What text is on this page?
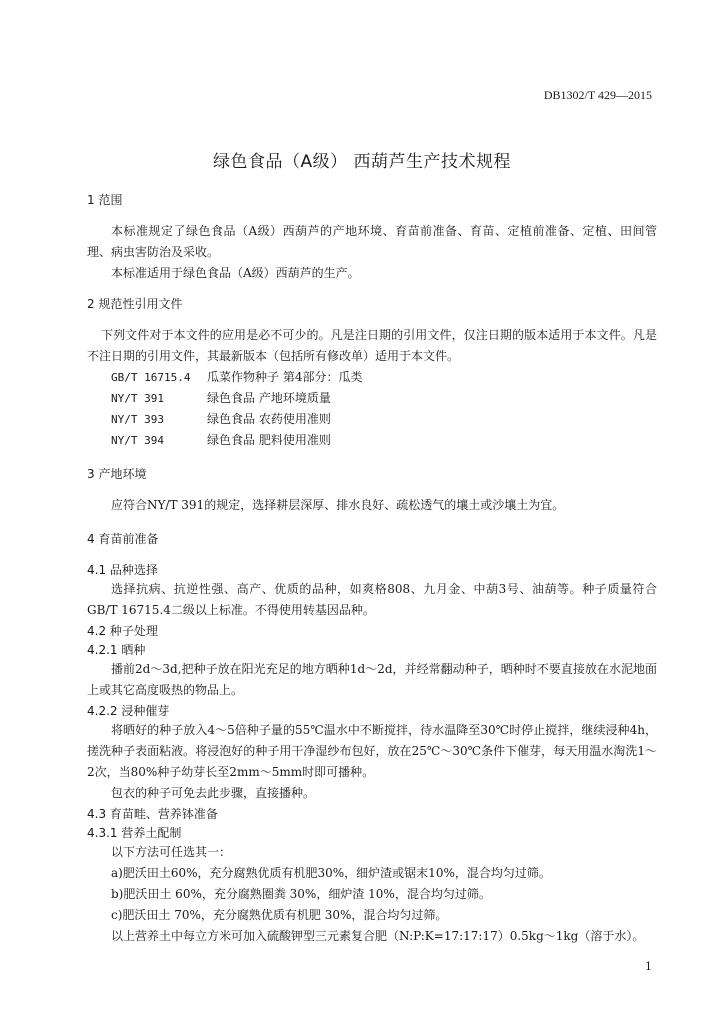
DB1302/T 429—2015
绿色食品（A级） 西葫芦生产技术规程

1 范围

本标准规定了绿色食品（A级）西葫芦的产地环境、育苗前准备、育苗、定植前准备、定植、田间管理、病虫害防治及采收。

本标准适用于绿色食品（A级）西葫芦的生产。

2 规范性引用文件

下列文件对于本文件的应用是必不可少的。凡是注日期的引用文件，仅注日期的版本适用于本文件。凡是不注日期的引用文件，其最新版本（包括所有修改单）适用于本文件。

GB/T 16715.4	瓜菜作物种子 第4部分：瓜类
NY/T 391	绿色食品 产地环境质量
NY/T 393	绿色食品 农药使用准则
NY/T 394	绿色食品 肥料使用准则

3 产地环境

应符合NY/T 391的规定，选择耕层深厚、排水良好、疏松透气的壤土或沙壤土为宜。

4 育苗前准备

4.1 品种选择

选择抗病、抗逆性强、高产、优质的品种，如爽格808、九月金、中葫3号、油葫等。种子质量符合GB/T 16715.4二级以上标准。不得使用转基因品种。

4.2 种子处理

4.2.1 晒种

播前2d～3d,把种子放在阳光充足的地方晒种1d～2d，并经常翻动种子，晒种时不要直接放在水泥地面上或其它高度吸热的物品上。

4.2.2 浸种催芽

将晒好的种子放入4～5倍种子量的55℃温水中不断搅拌，待水温降至30℃时停止搅拌，继续浸种4h，搓洗种子表面粘液。将浸泡好的种子用干净湿纱布包好，放在25℃～30℃条件下催芽，每天用温水淘洗1～2次，当80%种子幼芽长至2mm～5mm时即可播种。

包衣的种子可免去此步骤，直接播种。

4.3 育苗畦、营养钵准备

4.3.1 营养土配制

以下方法可任选其一：

a)肥沃田土60%，充分腐熟优质有机肥30%，细炉渣或锯末10%，混合均匀过筛。

b)肥沃田土 60%，充分腐熟圈粪 30%，细炉渣 10%，混合均匀过筛。

c)肥沃田土 70%，充分腐熟优质有机肥 30%，混合均匀过筛。

以上营养土中每立方米可加入硫酸钾型三元素复合肥（N:P:K=17:17:17）0.5kg～1kg（溶于水）。

1
